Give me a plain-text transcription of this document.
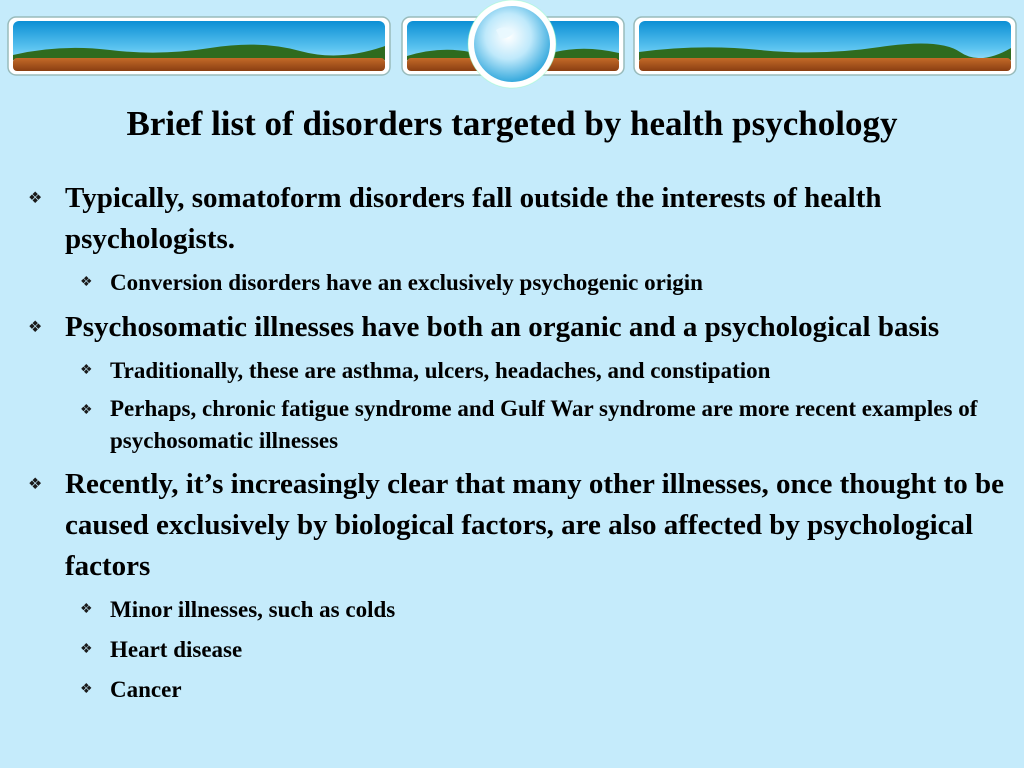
Brief list of disorders targeted by health psychology
❖ Typically, somatoform disorders fall outside the interests of health psychologists.
❖ Conversion disorders have an exclusively psychogenic origin
❖ Psychosomatic illnesses have both an organic and a psychological basis
❖ Traditionally, these are asthma, ulcers, headaches, and constipation
❖ Perhaps, chronic fatigue syndrome and Gulf War syndrome are more recent examples of psychosomatic illnesses
❖ Recently, it’s increasingly clear that many other illnesses, once thought to be caused exclusively by biological factors, are also affected by psychological factors
❖ Minor illnesses, such as colds
❖ Heart disease
❖ Cancer
